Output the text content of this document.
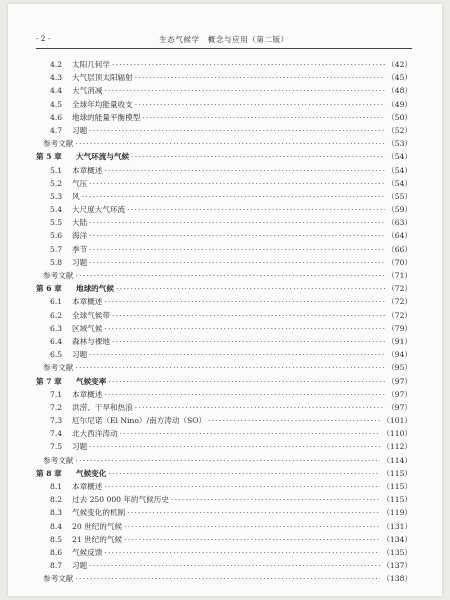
· 2 ·	生态气候学　概念与应用（第二版）
4.2	太阳几何学 ·····	（42）
4.3	大气层顶太阳辐射 ·····	（45）
4.4	大气消减 ·····	（48）
4.5	全球年均能量收支 ·····	（49）
4.6	地球的能量平衡模型 ·····	（50）
4.7	习题 ·····	（52）
参考文献 ·····	（53）
第 5 章	大气环流与气候 ·····	（54）
5.1	本章概述 ·····	（54）
5.2	气压 ·····	（54）
5.3	风 ·····	（55）
5.4	大尺度大气环流 ·····	（59）
5.5	大陆 ·····	（63）
5.6	海洋 ·····	（64）
5.7	季节 ·····	（66）
5.8	习题 ·····	（70）
参考文献 ·····	（71）
第 6 章	地球的气候 ·····	（72）
6.1	本章概述 ·····	（72）
6.2	全球气候带 ·····	（72）
6.3	区域气候 ·····	（79）
6.4	森林与裸地 ·····	（91）
6.5	习题 ·····	（94）
参考文献 ·····	（95）
第 7 章	气候变率 ·····	（97）
7.1	本章概述 ·····	（97）
7.2	洪涝、干旱和热浪 ·····	（97）
7.3	厄尔尼诺（El Nino）/南方涛动（SO） ·····	（101）
7.4	北大西洋涛动 ·····	（110）
7.5	习题 ·····	（112）
参考文献 ·····	（114）
第 8 章	气候变化 ·····	（115）
8.1	本章概述 ·····	（115）
8.2	过去 250 000 年的气候历史 ·····	（115）
8.3	气候变化的机制 ·····	（119）
8.4	20 世纪的气候 ·····	（131）
8.5	21 世纪的气候 ·····	（134）
8.6	气候反馈 ·····	（135）
8.7	习题 ·····	（137）
参考文献 ·····	（138）
